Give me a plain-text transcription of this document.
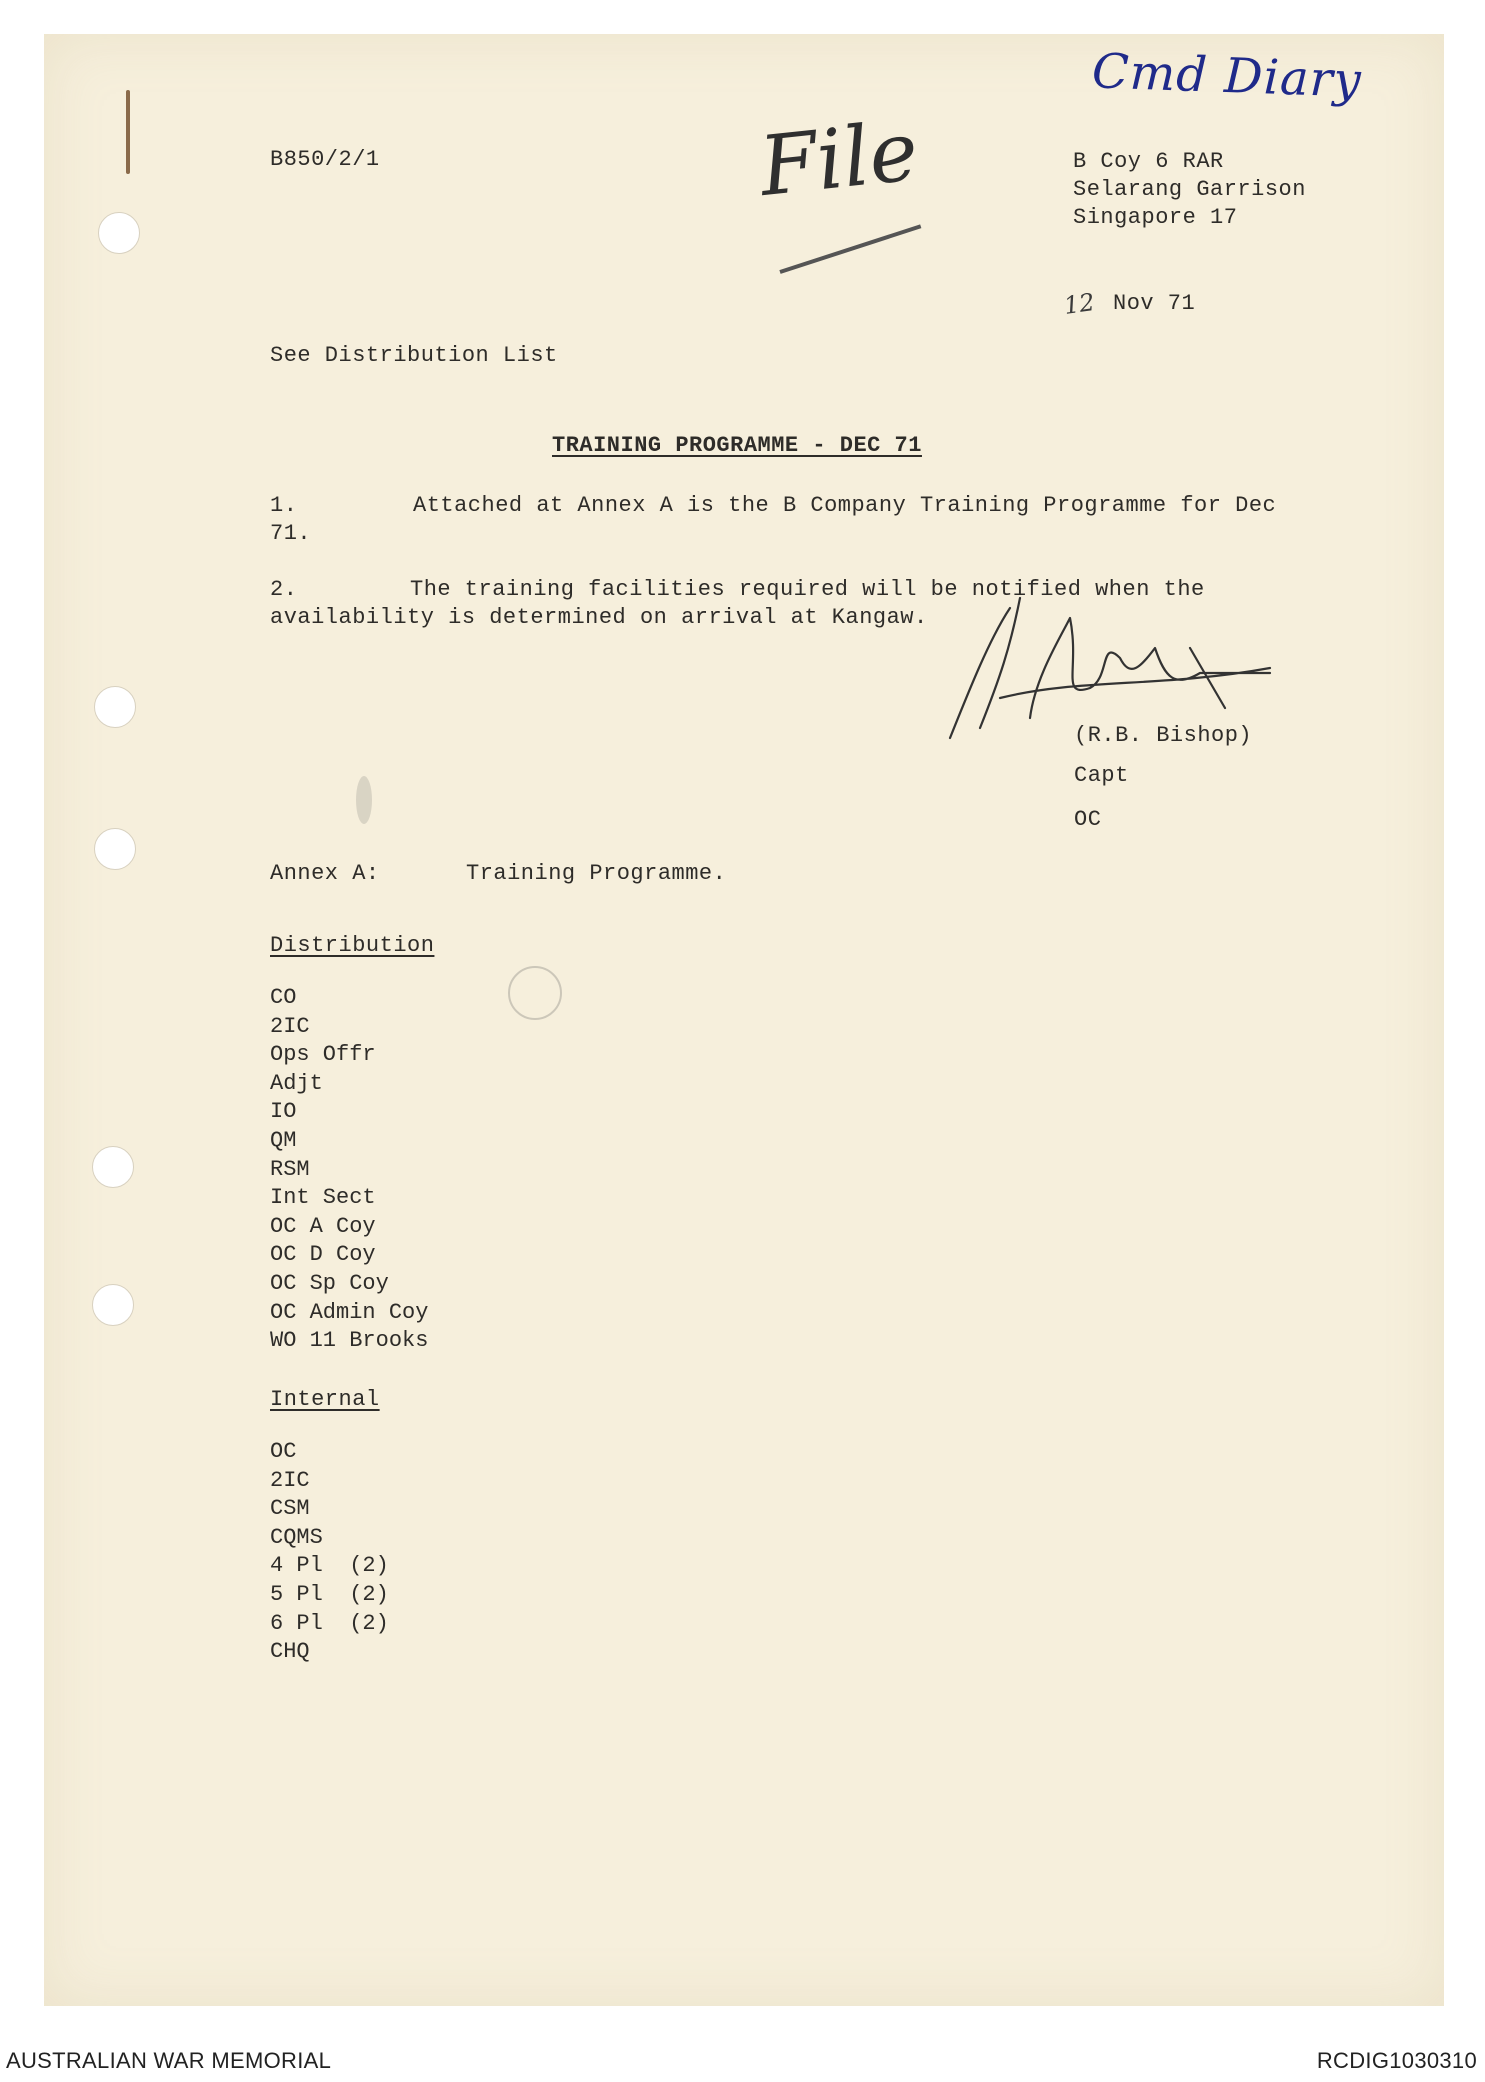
B850/2/1	B Coy 6 RAR
Selarang Garrison
Singapore 17
12 Nov 71
Cmd Diary
File
See Distribution List
TRAINING PROGRAMME - DEC 71
1.	Attached at Annex A is the B Company Training Programme for Dec
71.
2.	The training facilities required will be notified when the
availability is determined on arrival at Kangaw.
(R.B. Bishop)
Capt
OC
Annex A:	Training Programme.
Distribution
CO
2IC
Ops Offr
Adjt
IO
QM
RSM
Int Sect
OC A Coy
OC D Coy
OC Sp Coy
OC Admin Coy
WO 11 Brooks
Internal
OC
2IC
CSM
CQMS
4 Pl  (2)
5 Pl  (2)
6 Pl  (2)
CHQ
AUSTRALIAN WAR MEMORIAL	RCDIG1030310
